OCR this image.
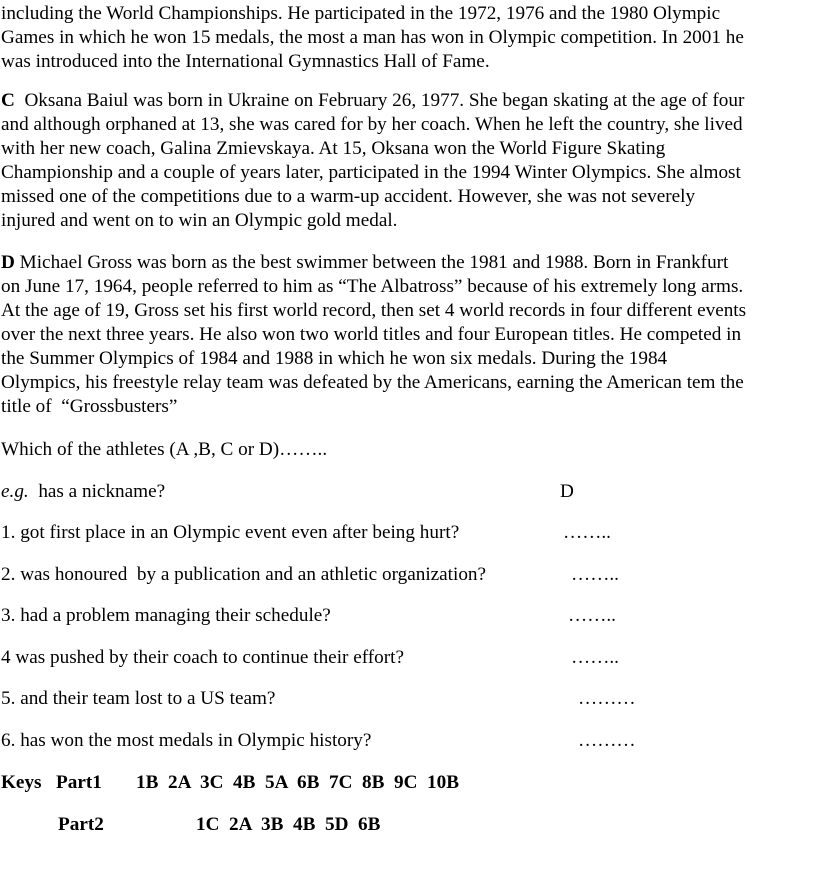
including the World Championships. He participated in the 1972, 1976 and the 1980 Olympic
Games in which he won 15 medals, the most a man has won in Olympic competition. In 2001 he
was introduced into the International Gymnastics Hall of Fame.

C  Oksana Baiul was born in Ukraine on February 26, 1977. She began skating at the age of four
and although orphaned at 13, she was cared for by her coach. When he left the country, she lived
with her new coach, Galina Zmievskaya. At 15, Oksana won the World Figure Skating
Championship and a couple of years later, participated in the 1994 Winter Olympics. She almost
missed one of the competitions due to a warm-up accident. However, she was not severely
injured and went on to win an Olympic gold medal.

D Michael Gross was born as the best swimmer between the 1981 and 1988. Born in Frankfurt
on June 17, 1964, people referred to him as “The Albatross” because of his extremely long arms.
At the age of 19, Gross set his first world record, then set 4 world records in four different events
over the next three years. He also won two world titles and four European titles. He competed in
the Summer Olympics of 1984 and 1988 in which he won six medals. During the 1984
Olympics, his freestyle relay team was defeated by the Americans, earning the American tem the
title of  “Grossbusters”

Which of the athletes (A ,B, C or D)……..
e.g.  has a nickname?	D
1. got first place in an Olympic event even after being hurt?	……..
2. was honoured  by a publication and an athletic organization?	……..
3. had a problem managing their schedule?	……..
4 was pushed by their coach to continue their effort?	……..
5. and their team lost to a US team?	………
6. has won the most medals in Olympic history?	………
Keys Part1 1B  2A  3C  4B  5A  6B  7C  8B  9C  10B
Part2	1C  2A  3B  4B  5D  6B
